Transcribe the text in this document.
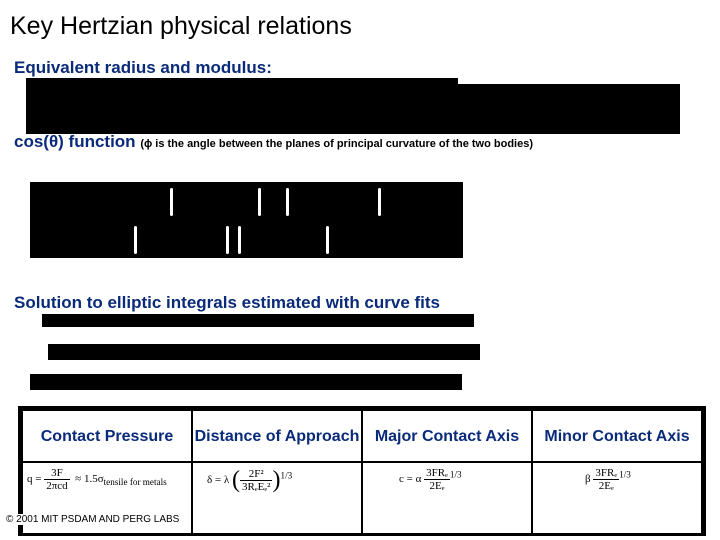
Key Hertzian physical relations
Equivalent radius and modulus:
cos(θ) function (ϕ is the angle between the planes of principal curvature of the two bodies)
Solution to elliptic integrals estimated with curve fits
Contact Pressure	Distance of Approach	Major Contact Axis	Minor Contact Axis

$q = \frac{3F}{\text{2πcd}} \approx 1.5\sigma_{tensile for metals}$	δ = λ ( $\frac{\text{2F²}}{\text{3RₑEₑ²}} )^{1/3}$	c = α $\frac{\text{3FRₑ}}{\text{2Eₑ}} ^{1/3}$	β $\frac{\text{3FRₑ}}{\text{2Eₑ}} ^{1/3}$
© 2001 MIT PSDAM AND PERG LABS
